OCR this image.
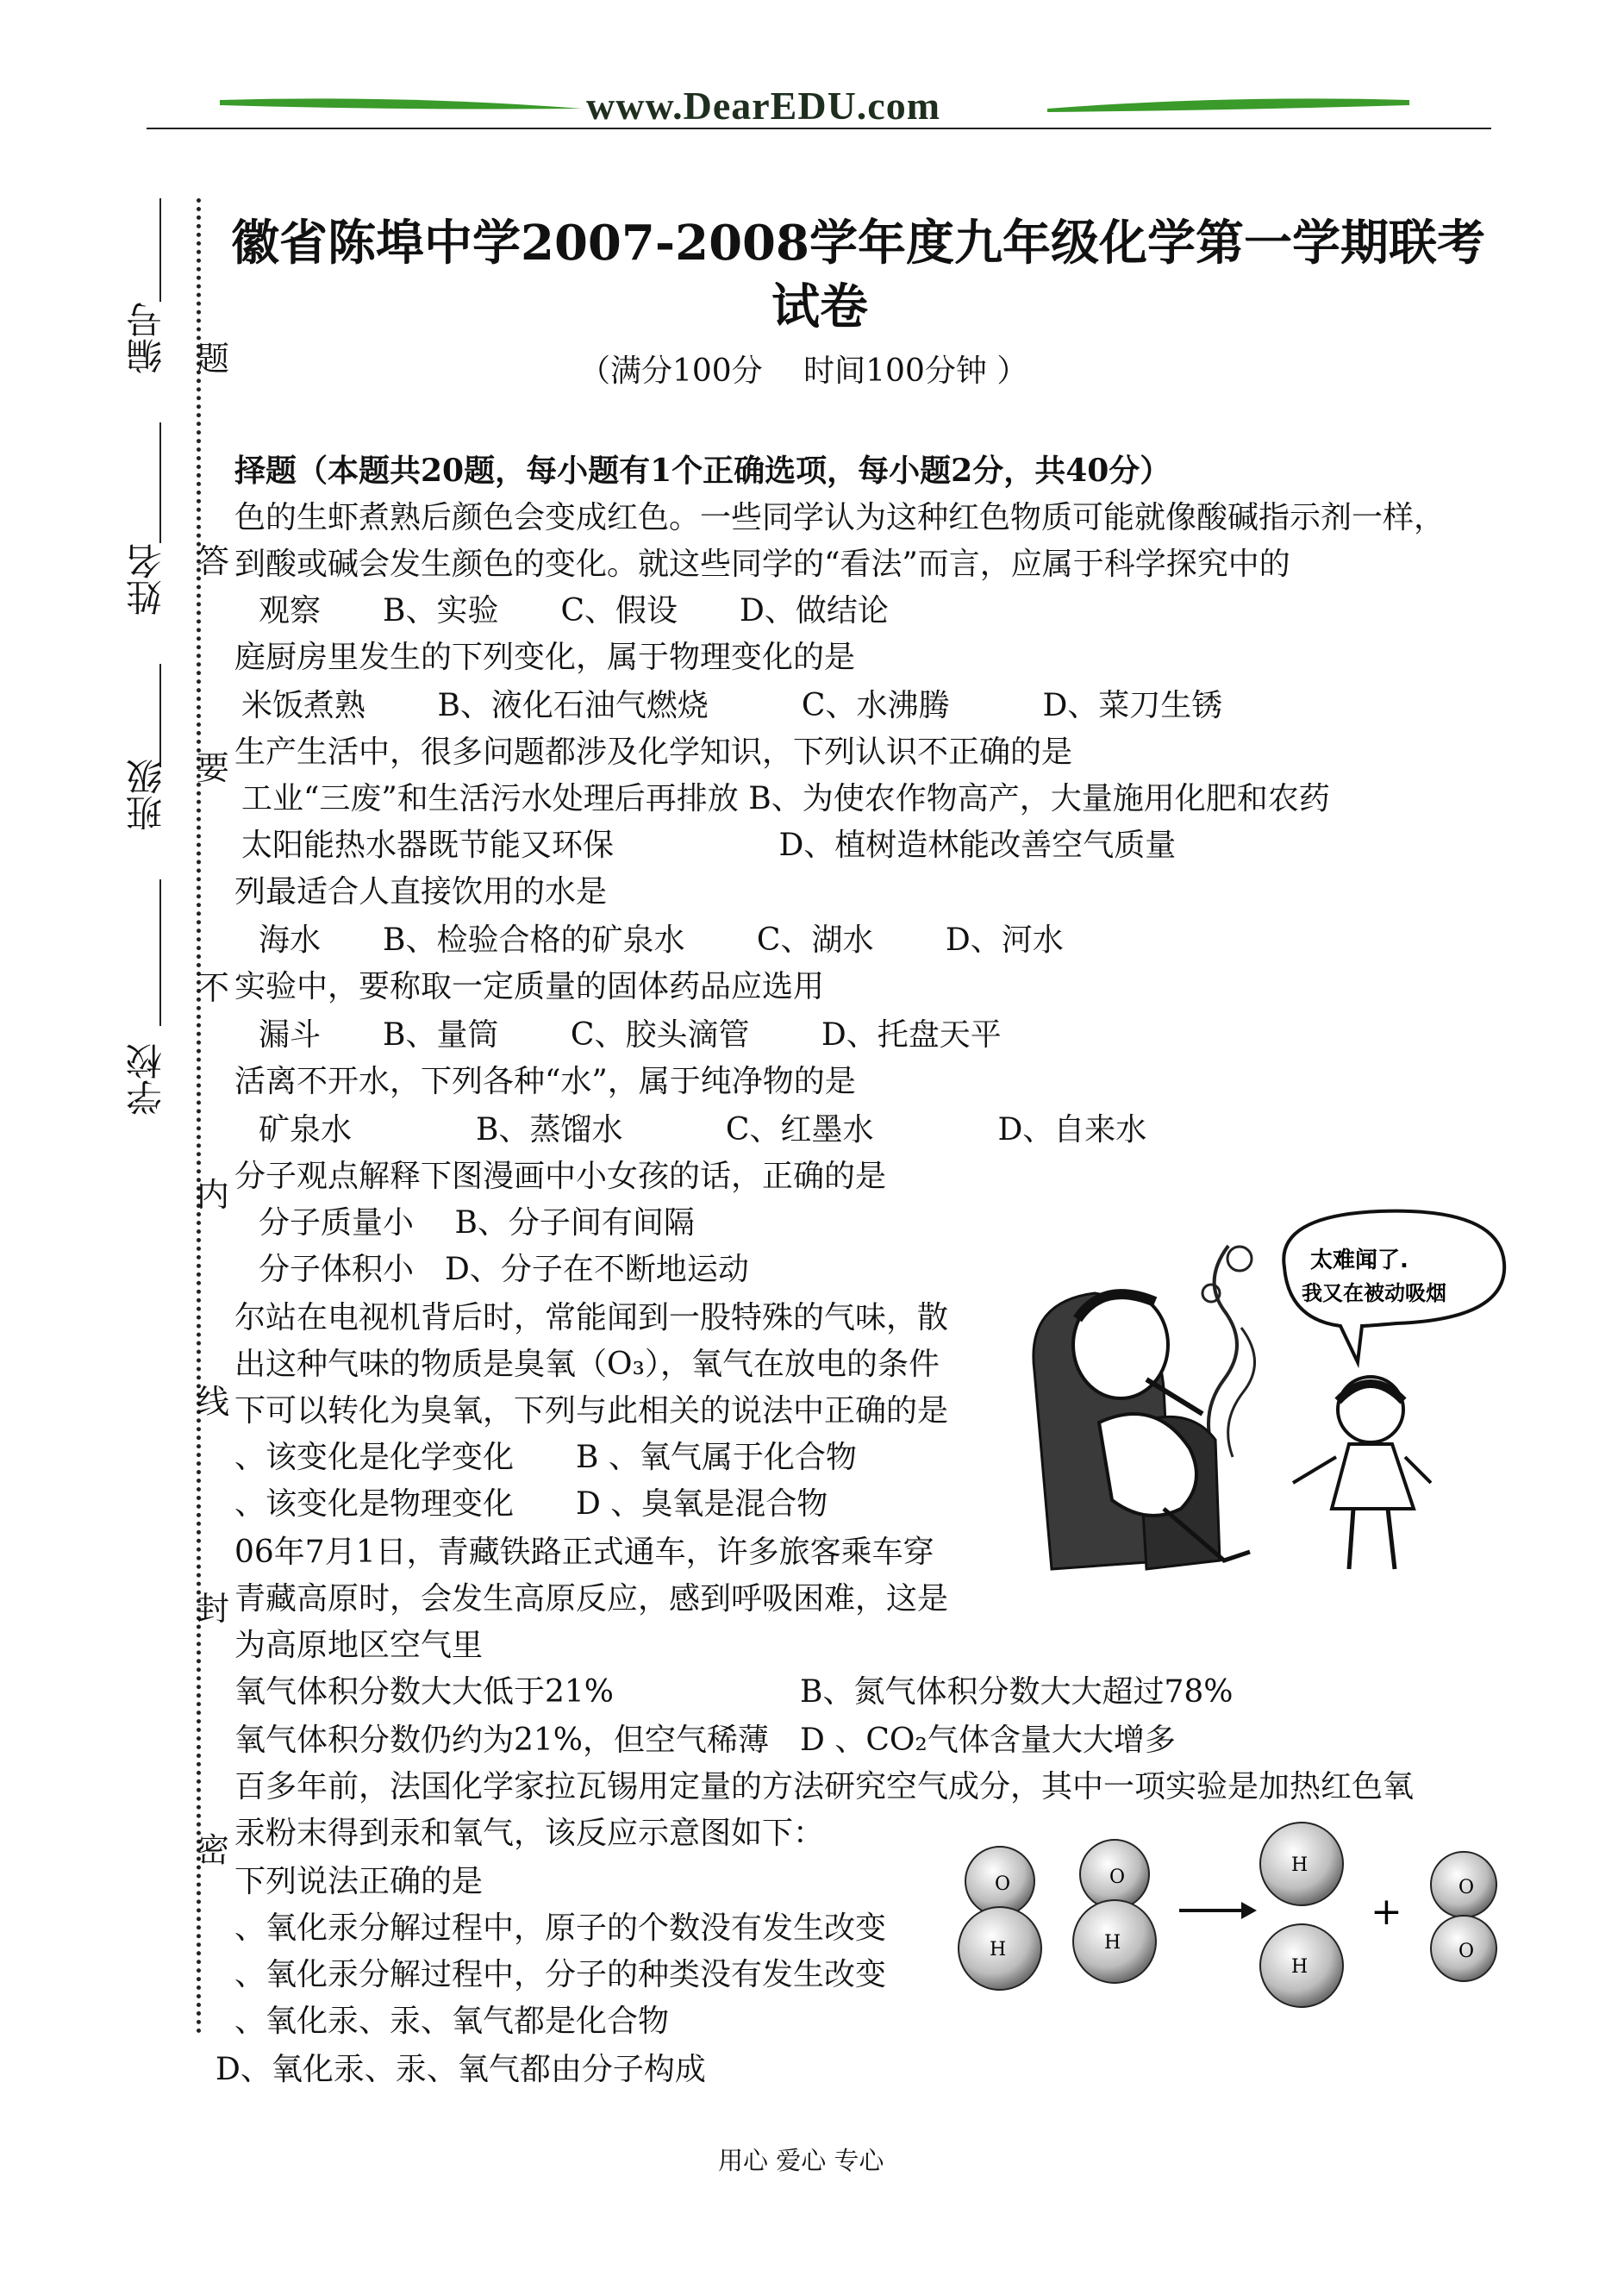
www.DearEDU.com
编号
姓名
班级
学校
题
答
要
不
内
线
封
密
徽省陈埠中学2007-2008学年度九年级化学第一学期联考
试卷
（满分100分　 时间100分钟 ）
择题（本题共20题，每小题有1个正确选项，每小题2分，共40分）
色的生虾煮熟后颜色会变成红色。一些同学认为这种红色物质可能就像酸碱指示剂一样，
到酸或碱会发生颜色的变化。就这些同学的“看法”而言，应属于科学探究中的
观察　　B、实验　　C、假设　　D、做结论
庭厨房里发生的下列变化，属于物理变化的是
米饭煮熟　　 B、液化石油气燃烧　　　C、水沸腾　　　D、菜刀生锈
生产生活中，很多问题都涉及化学知识，下列认识不正确的是
工业“三废”和生活污水处理后再排放 B、为使农作物高产，大量施用化肥和农药
太阳能热水器既节能又环保　　　　　 D、植树造林能改善空气质量
列最适合人直接饮用的水是
海水　　B、检验合格的矿泉水　　 C、湖水　　 D、河水
实验中，要称取一定质量的固体药品应选用
漏斗　　B、量筒　　 C、胶头滴管　　 D、托盘天平
活离不开水，下列各种“水”，属于纯净物的是
矿泉水　　　　B、蒸馏水　　　 C、红墨水　　　　D、自来水
分子观点解释下图漫画中小女孩的话，正确的是
分子质量小　 B、分子间有间隔
分子体积小　D、分子在不断地运动
尔站在电视机背后时，常能闻到一股特殊的气味，散
出这种气味的物质是臭氧（O₃），氧气在放电的条件
下可以转化为臭氧，下列与此相关的说法中正确的是
、该变化是化学变化　　B 、氧气属于化合物
、该变化是物理变化　　D 、臭氧是混合物
06年7月1日，青藏铁路正式通车，许多旅客乘车穿
青藏高原时，会发生高原反应，感到呼吸困难，这是
为高原地区空气里
氧气体积分数大大低于21%　　　　　　B、氮气体积分数大大超过78%
氧气体积分数仍约为21%，但空气稀薄　D 、CO₂气体含量大大增多
百多年前，法国化学家拉瓦锡用定量的方法研究空气成分，其中一项实验是加热红色氧
汞粉末得到汞和氧气，该反应示意图如下：
下列说法正确的是
、氧化汞分解过程中，原子的个数没有发生改变
、氧化汞分解过程中，分子的种类没有发生改变
、氧化汞、汞、氧气都是化合物
D、氧化汞、汞、氧气都由分子构成
太难闻了.
我又在被动吸烟
O
H
O
H
H
H
+
O
O
用心 爱心 专心
